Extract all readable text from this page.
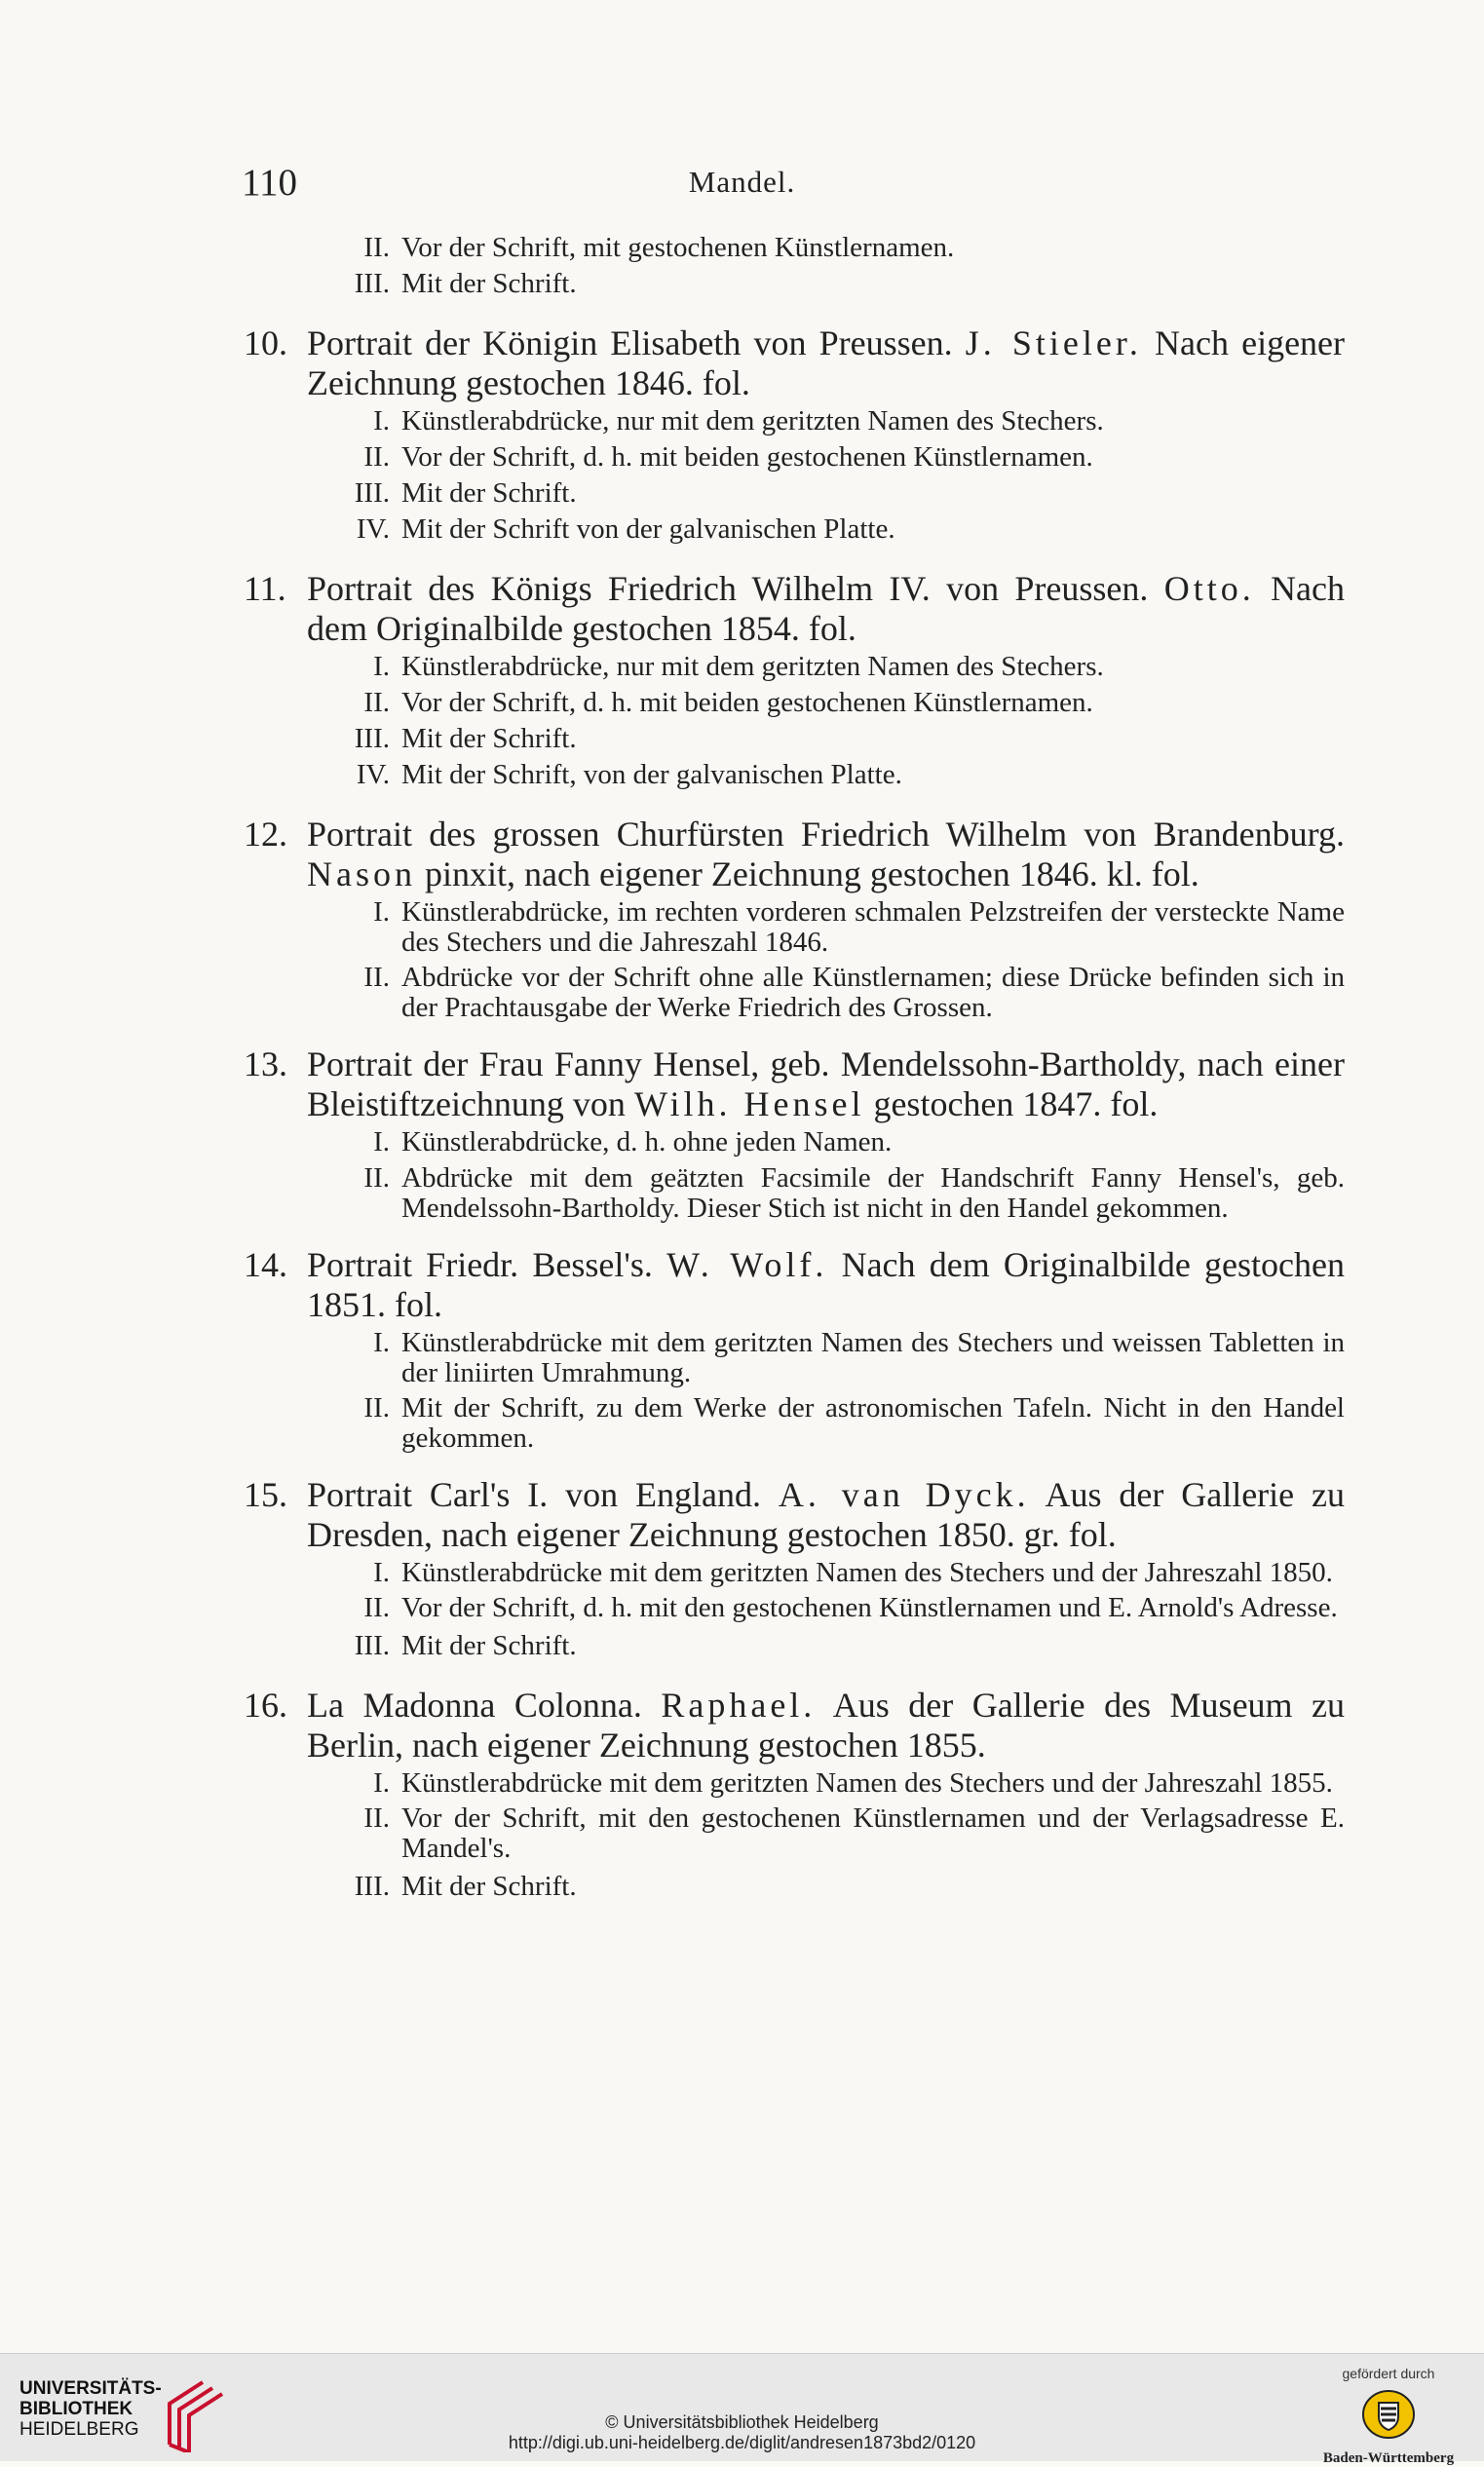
110	Mandel.
II. Vor der Schrift, mit gestochenen Künstlernamen.
III. Mit der Schrift.
10. Portrait der Königin Elisabeth von Preussen. J. Stieler. Nach eigener Zeichnung gestochen 1846. fol.
I. Künstlerabdrücke, nur mit dem geritzten Namen des Stechers.
II. Vor der Schrift, d. h. mit beiden gestochenen Künstlernamen.
III. Mit der Schrift.
IV. Mit der Schrift von der galvanischen Platte.
11. Portrait des Königs Friedrich Wilhelm IV. von Preussen. Otto. Nach dem Originalbilde gestochen 1854. fol.
I. Künstlerabdrücke, nur mit dem geritzten Namen des Stechers.
II. Vor der Schrift, d. h. mit beiden gestochenen Künstlernamen.
III. Mit der Schrift.
IV. Mit der Schrift, von der galvanischen Platte.
12. Portrait des grossen Churfürsten Friedrich Wilhelm von Brandenburg. Nason pinxit, nach eigener Zeichnung gestochen 1846. kl. fol.
I. Künstlerabdrücke, im rechten vorderen schmalen Pelzstreifen der versteckte Name des Stechers und die Jahreszahl 1846.
II. Abdrücke vor der Schrift ohne alle Künstlernamen; diese Drücke befinden sich in der Prachtausgabe der Werke Friedrich des Grossen.
13. Portrait der Frau Fanny Hensel, geb. Mendelssohn-Bartholdy, nach einer Bleistiftzeichnung von Wilh. Hensel gestochen 1847. fol.
I. Künstlerabdrücke, d. h. ohne jeden Namen.
II. Abdrücke mit dem geätzten Facsimile der Handschrift Fanny Hensel's, geb. Mendelssohn-Bartholdy. Dieser Stich ist nicht in den Handel gekommen.
14. Portrait Friedr. Bessel's. W. Wolf. Nach dem Originalbilde gestochen 1851. fol.
I. Künstlerabdrücke mit dem geritzten Namen des Stechers und weissen Tabletten in der liniirten Umrahmung.
II. Mit der Schrift, zu dem Werke der astronomischen Tafeln. Nicht in den Handel gekommen.
15. Portrait Carl's I. von England. A. van Dyck. Aus der Gallerie zu Dresden, nach eigener Zeichnung gestochen 1850. gr. fol.
I. Künstlerabdrücke mit dem geritzten Namen des Stechers und der Jahreszahl 1850.
II. Vor der Schrift, d. h. mit den gestochenen Künstlernamen und E. Arnold's Adresse.
III. Mit der Schrift.
16. La Madonna Colonna. Raphael. Aus der Gallerie des Museum zu Berlin, nach eigener Zeichnung gestochen 1855.
I. Künstlerabdrücke mit dem geritzten Namen des Stechers und der Jahreszahl 1855.
II. Vor der Schrift, mit den gestochenen Künstlernamen und der Verlagsadresse E. Mandel's.
III. Mit der Schrift.
UNIVERSITÄTS-
BIBLIOTHEK
HEIDELBERG	© Universitätsbibliothek Heidelberg
http://digi.ub.uni-heidelberg.de/diglit/andresen1873bd2/0120
gefördert durch
Baden-Württemberg
